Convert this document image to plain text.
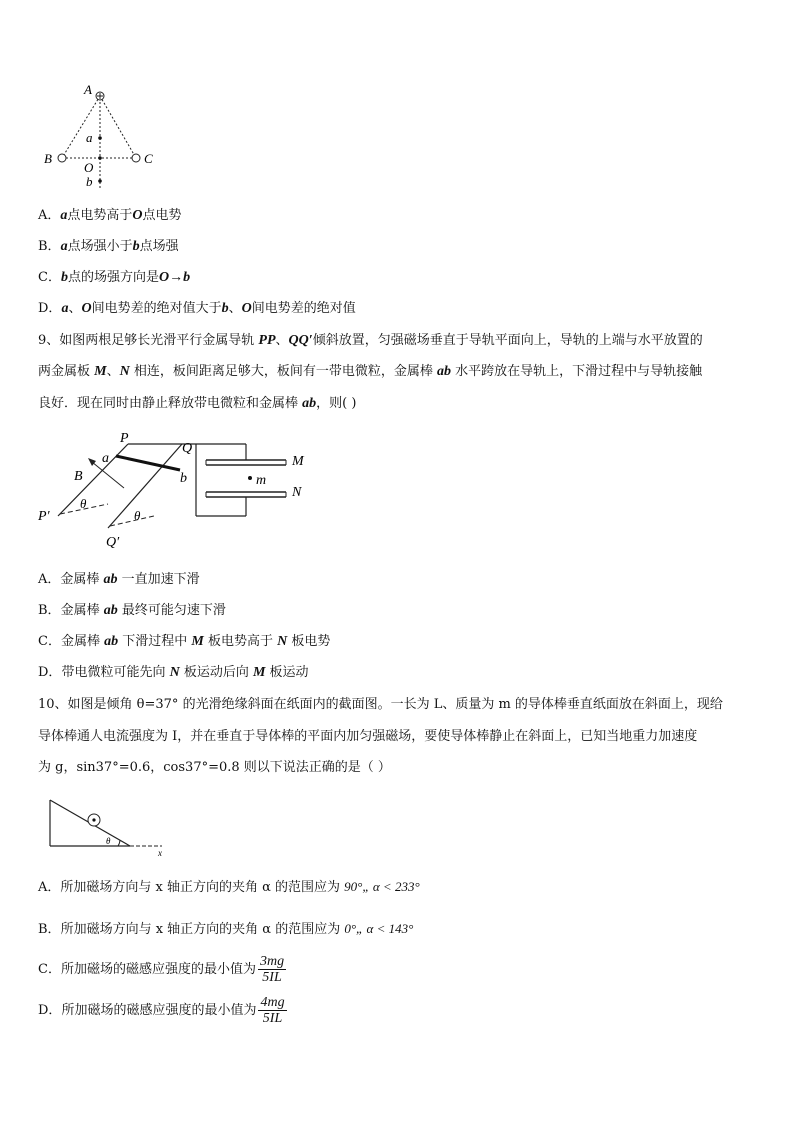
A
B	C
a
O
b
A．a点电势高于O点电势
B．a点场强小于b点场强
C．b点的场强方向是O→b
D．a、O间电势差的绝对值大于b、O间电势差的绝对值
9、如图两根足够长光滑平行金属导轨 PP、QQ′倾斜放置，匀强磁场垂直于导轨平面向上，导轨的上端与水平放置的
两金属板 M、N 相连，板间距离足够大，板间有一带电微粒，金属棒 ab 水平跨放在导轨上，下滑过程中与导轨接触
良好．现在同时由静止释放带电微粒和金属棒 ab，则( )
P
Q
a
b
B
M
N
m
P′
Q′
θ
θ
A．金属棒 ab 一直加速下滑
B．金属棒 ab 最终可能匀速下滑
C．金属棒 ab 下滑过程中 M 板电势高于 N 板电势
D．带电微粒可能先向 N 板运动后向 M 板运动
10、如图是倾角 θ=37° 的光滑绝缘斜面在纸面内的截面图。一长为 L、质量为 m 的导体棒垂直纸面放在斜面上，现给
导体棒通人电流强度为 I，并在垂直于导体棒的平面内加匀强磁场，要使导体棒静止在斜面上，已知当地重力加速度
为 g，sin37°=0.6，cos37°=0.8 则以下说法正确的是（ ）
θ
x
A．所加磁场方向与 x 轴正方向的夹角 α 的范围应为 90°„ α < 233°
B．所加磁场方向与 x 轴正方向的夹角 α 的范围应为 0°„ α < 143°
C．所加磁场的磁感应强度的最小值为 $\frac{3mg}{5IL}$
D．所加磁场的磁感应强度的最小值为 $\frac{4mg}{5IL}$
